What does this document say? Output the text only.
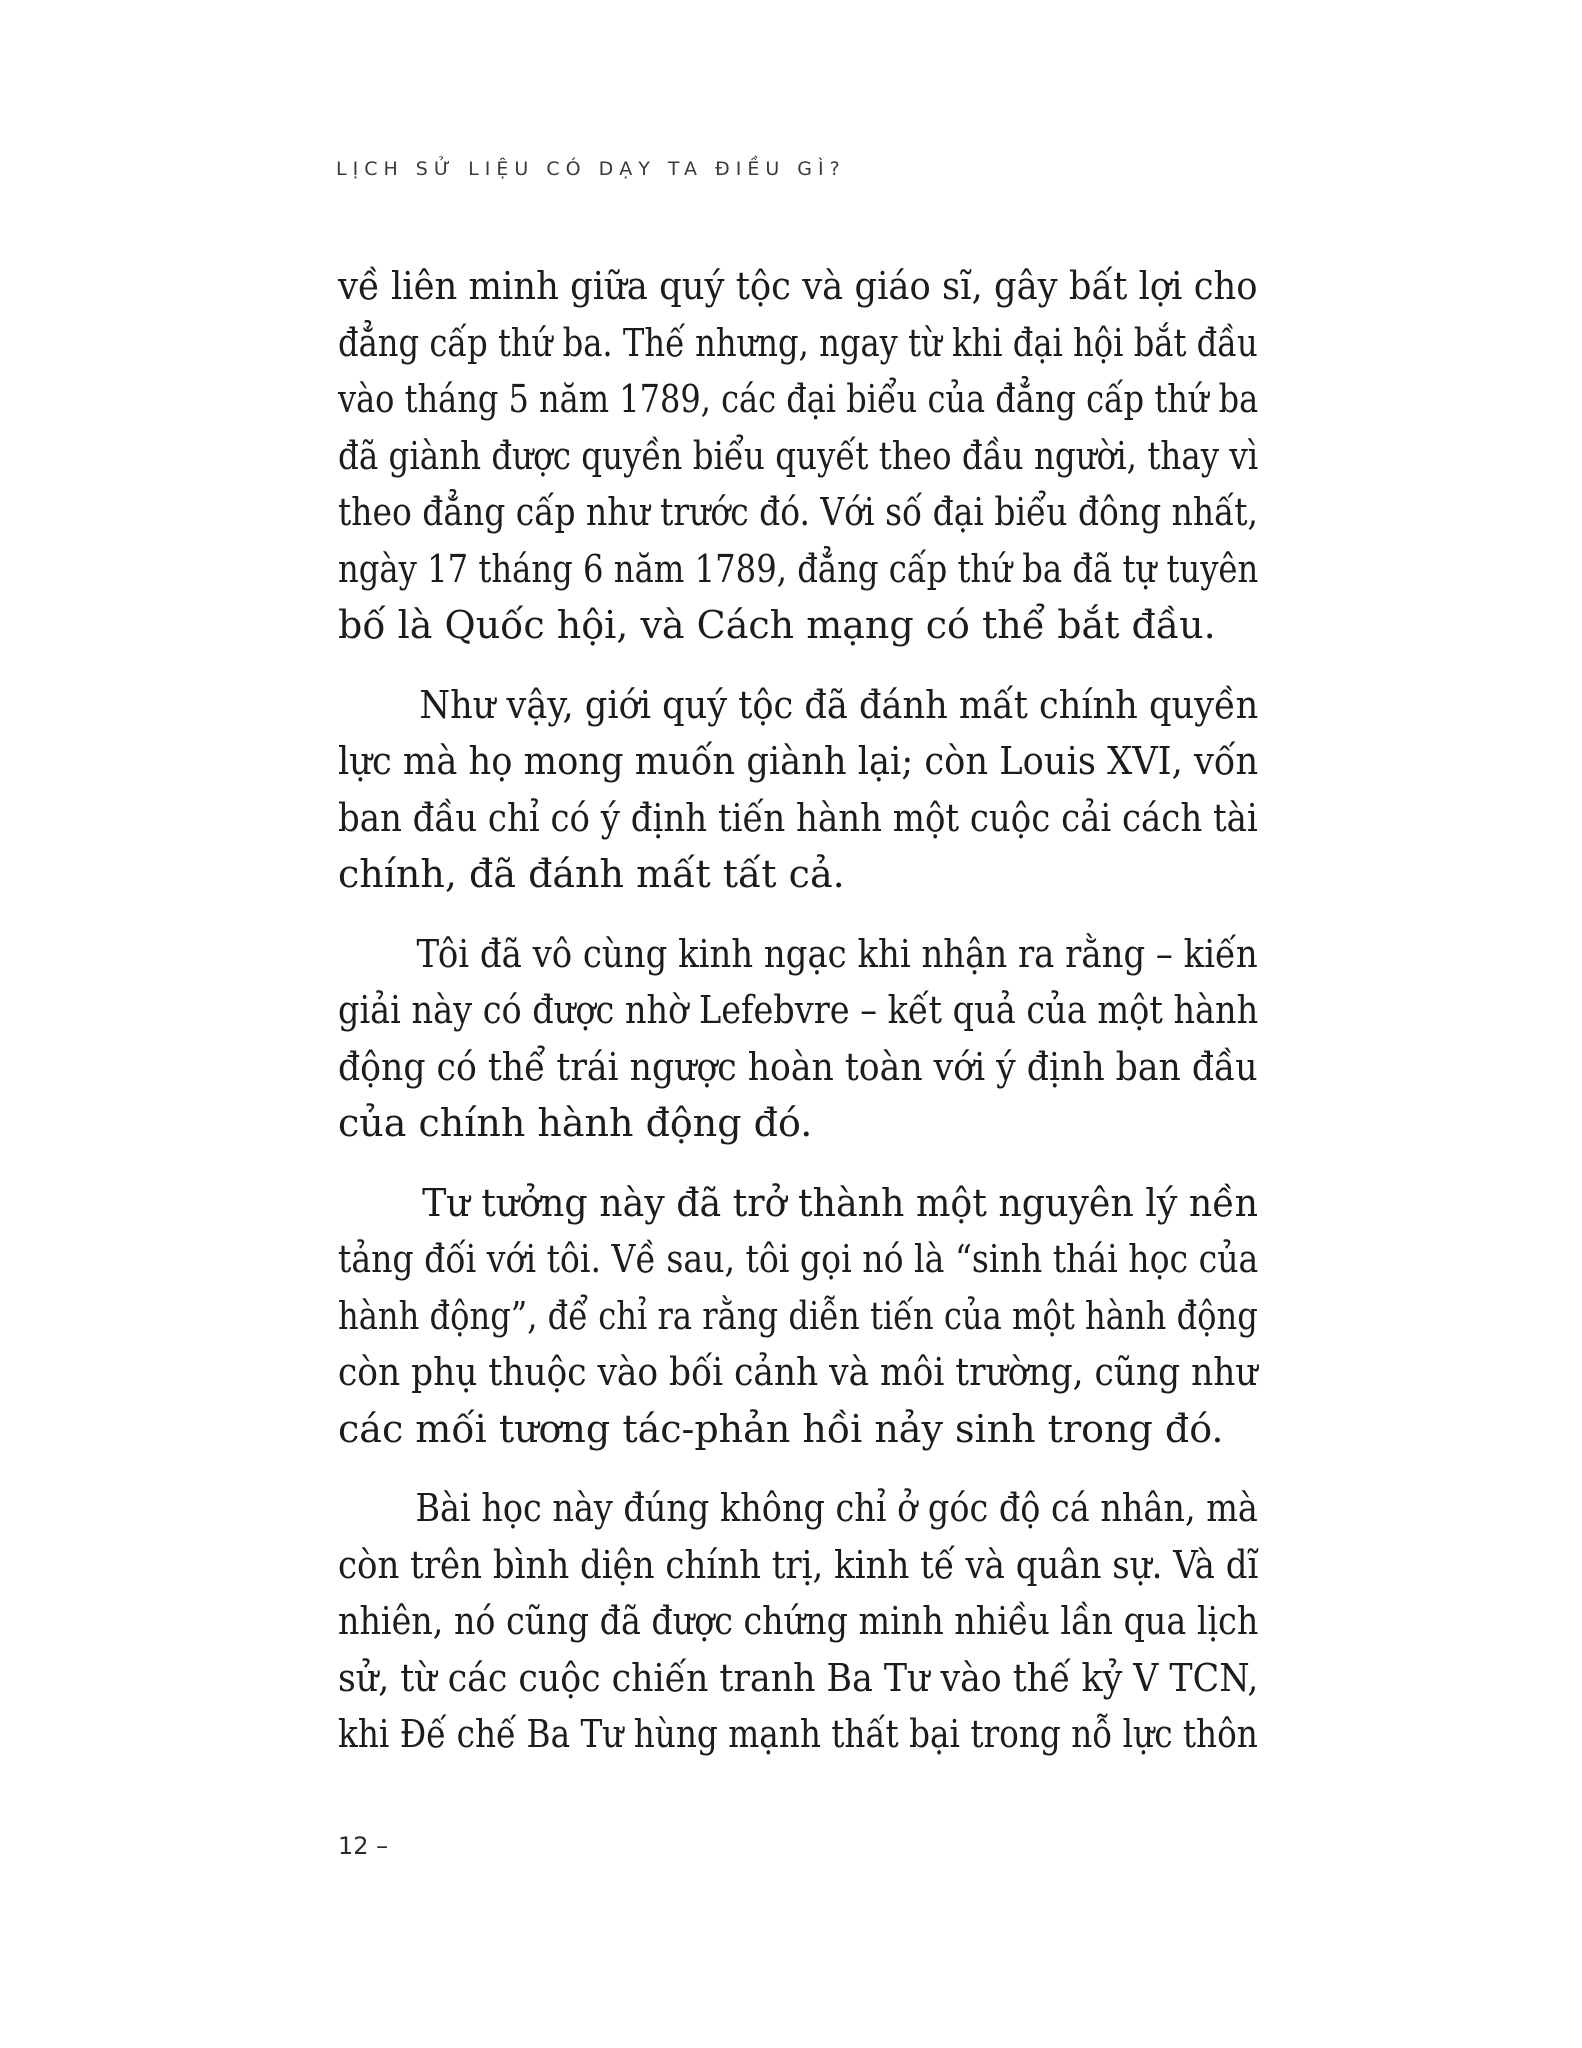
LỊCH SỬ LIỆU CÓ DẠY TA ĐIỀU GÌ?
về liên minh giữa quý tộc và giáo sĩ, gây bất lợi cho
đẳng cấp thứ ba. Thế nhưng, ngay từ khi đại hội bắt đầu
vào tháng 5 năm 1789, các đại biểu của đẳng cấp thứ ba
đã giành được quyền biểu quyết theo đầu người, thay vì
theo đẳng cấp như trước đó. Với số đại biểu đông nhất,
ngày 17 tháng 6 năm 1789, đẳng cấp thứ ba đã tự tuyên
bố là Quốc hội, và Cách mạng có thể bắt đầu.
Như vậy, giới quý tộc đã đánh mất chính quyền
lực mà họ mong muốn giành lại; còn Louis XVI, vốn
ban đầu chỉ có ý định tiến hành một cuộc cải cách tài
chính, đã đánh mất tất cả.
Tôi đã vô cùng kinh ngạc khi nhận ra rằng – kiến
giải này có được nhờ Lefebvre – kết quả của một hành
động có thể trái ngược hoàn toàn với ý định ban đầu
của chính hành động đó.
Tư tưởng này đã trở thành một nguyên lý nền
tảng đối với tôi. Về sau, tôi gọi nó là “sinh thái học của
hành động”, để chỉ ra rằng diễn tiến của một hành động
còn phụ thuộc vào bối cảnh và môi trường, cũng như
các mối tương tác-phản hồi nảy sinh trong đó.
Bài học này đúng không chỉ ở góc độ cá nhân, mà
còn trên bình diện chính trị, kinh tế và quân sự. Và dĩ
nhiên, nó cũng đã được chứng minh nhiều lần qua lịch
sử, từ các cuộc chiến tranh Ba Tư vào thế kỷ V TCN,
khi Đế chế Ba Tư hùng mạnh thất bại trong nỗ lực thôn
12 –
